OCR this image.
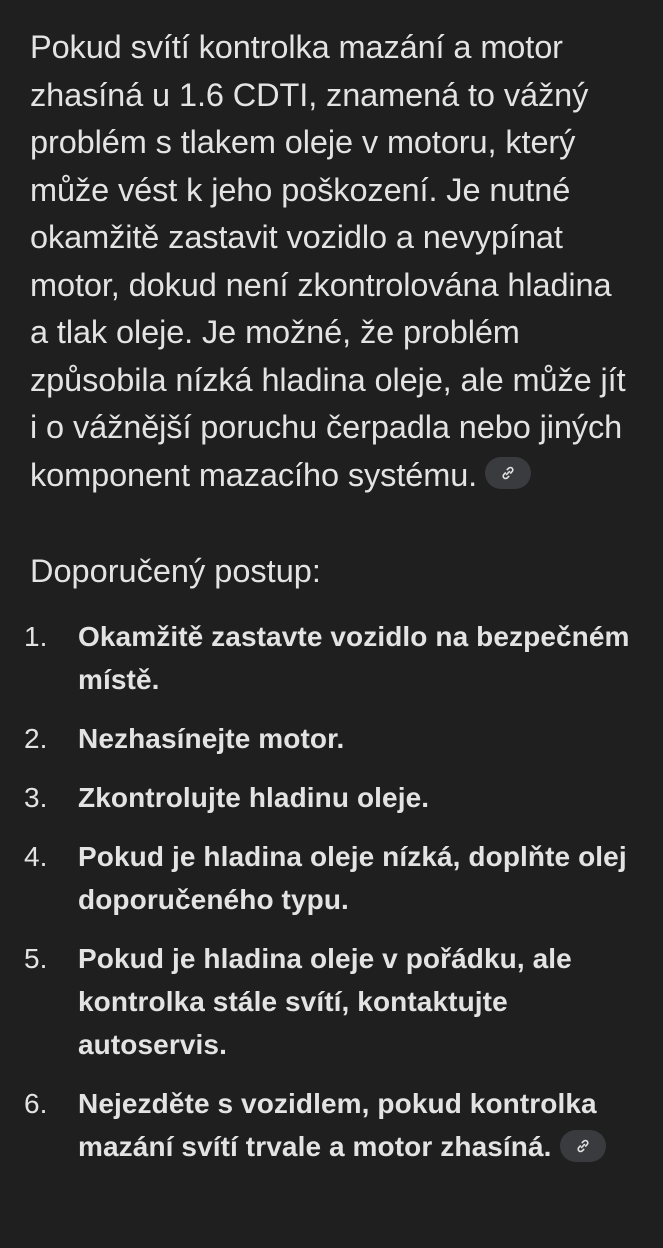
Pokud svítí kontrolka mazání a motor zhasíná u 1.6 CDTI, znamená to vážný problém s tlakem oleje v motoru, který může vést k jeho poškození. Je nutné okamžitě zastavit vozidlo a nevypínat motor, dokud není zkontrolována hladina a tlak oleje. Je možné, že problém způsobila nízká hladina oleje, ale může jít i o vážnější poruchu čerpadla nebo jiných komponent mazacího systému.

Doporučený postup:
1. Okamžitě zastavte vozidlo na bezpečném místě.
2. Nezhasínejte motor.
3. Zkontrolujte hladinu oleje.
4. Pokud je hladina oleje nízká, doplňte olej doporučeného typu.
5. Pokud je hladina oleje v pořádku, ale kontrolka stále svítí, kontaktujte autoservis.
6. Nejezděte s vozidlem, pokud kontrolka mazání svítí trvale a motor zhasíná.
